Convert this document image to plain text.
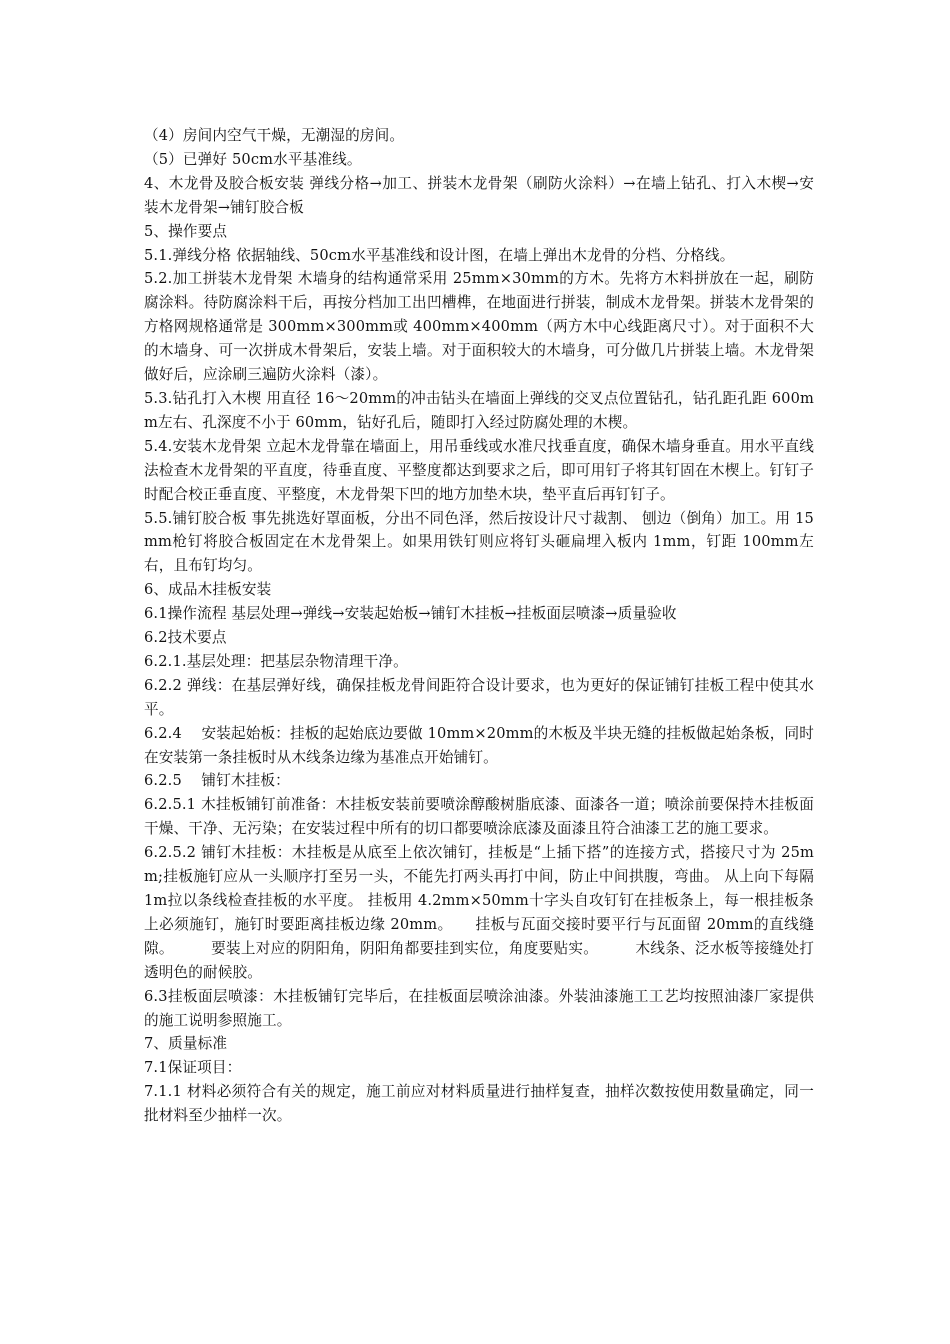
（4）房间内空气干燥，无潮湿的房间。

（5）已弹好 50cm水平基准线。

4、木龙骨及胶合板安装 弹线分格→加工、拼装木龙骨架（刷防火涂料）→在墙上钻孔、打入木楔→安装木龙骨架→铺钉胶合板

5、操作要点

5.1.弹线分格 依据轴线、50cm水平基准线和设计图，在墙上弹出木龙骨的分档、分格线。

5.2.加工拼装木龙骨架 木墙身的结构通常采用 25mm×30mm的方木。先将方木料拼放在一起，刷防腐涂料。待防腐涂料干后，再按分档加工出凹槽榫，在地面进行拼装，制成木龙骨架。拼装木龙骨架的方格网规格通常是 300mm×300mm或 400mm×400mm（两方木中心线距离尺寸）。对于面积不大的木墙身、可一次拼成木骨架后，安装上墙。对于面积较大的木墙身，可分做几片拼装上墙。木龙骨架做好后，应涂刷三遍防火涂料（漆）。

5.3.钻孔打入木楔 用直径 16～20mm的冲击钻头在墙面上弹线的交叉点位置钻孔，钻孔距孔距 600mm左右、孔深度不小于 60mm，钻好孔后，随即打入经过防腐处理的木楔。

5.4.安装木龙骨架 立起木龙骨靠在墙面上，用吊垂线或水准尺找垂直度，确保木墙身垂直。用水平直线法检查木龙骨架的平直度，待垂直度、平整度都达到要求之后，即可用钉子将其钉固在木楔上。钉钉子时配合校正垂直度、平整度，木龙骨架下凹的地方加垫木块，垫平直后再钉钉子。

5.5.铺钉胶合板 事先挑选好罩面板，分出不同色泽，然后按设计尺寸裁割、 刨边（倒角）加工。用 15mm枪钉将胶合板固定在木龙骨架上。如果用铁钉则应将钉头砸扁埋入板内 1mm，钉距 100mm左右，且布钉均匀。

6、成品木挂板安装

6.1操作流程 基层处理→弹线→安装起始板→铺钉木挂板→挂板面层喷漆→质量验收

6.2技术要点

6.2.1.基层处理：把基层杂物清理干净。

6.2.2 弹线：在基层弹好线，确保挂板龙骨间距符合设计要求，也为更好的保证铺钉挂板工程中使其水平。

6.2.4　 安装起始板：挂板的起始底边要做 10mm×20mm的木板及半块无缝的挂板做起始条板，同时在安装第一条挂板时从木线条边缘为基准点开始铺钉。

6.2.5　 铺钉木挂板：

6.2.5.1 木挂板铺钉前准备：木挂板安装前要喷涂醇酸树脂底漆、面漆各一道；喷涂前要保持木挂板面干燥、干净、无污染；在安装过程中所有的切口都要喷涂底漆及面漆且符合油漆工艺的施工要求。

6.2.5.2 铺钉木挂板：木挂板是从底至上依次铺钉，挂板是“上插下搭”的连接方式，搭接尺寸为 25mm;挂板施钉应从一头顺序打至另一头，不能先打两头再打中间，防止中间拱腹，弯曲。 从上向下每隔 1m拉以条线检查挂板的水平度。 挂板用 4.2mm×50mm十字头自攻钉钉在挂板条上，每一根挂板条上必须施钉，施钉时要距离挂板边缘 20mm。　　挂板与瓦面交接时要平行与瓦面留 20mm的直线缝隙。　　　要装上对应的阴阳角，阴阳角都要挂到实位，角度要贴实。　　　木线条、泛水板等接缝处打透明色的耐候胶。

6.3挂板面层喷漆：木挂板铺钉完毕后，在挂板面层喷涂油漆。外装油漆施工工艺均按照油漆厂家提供的施工说明参照施工。

7、质量标准

7.1保证项目：

7.1.1 材料必须符合有关的规定，施工前应对材料质量进行抽样复查，抽样次数按使用数量确定，同一批材料至少抽样一次。
